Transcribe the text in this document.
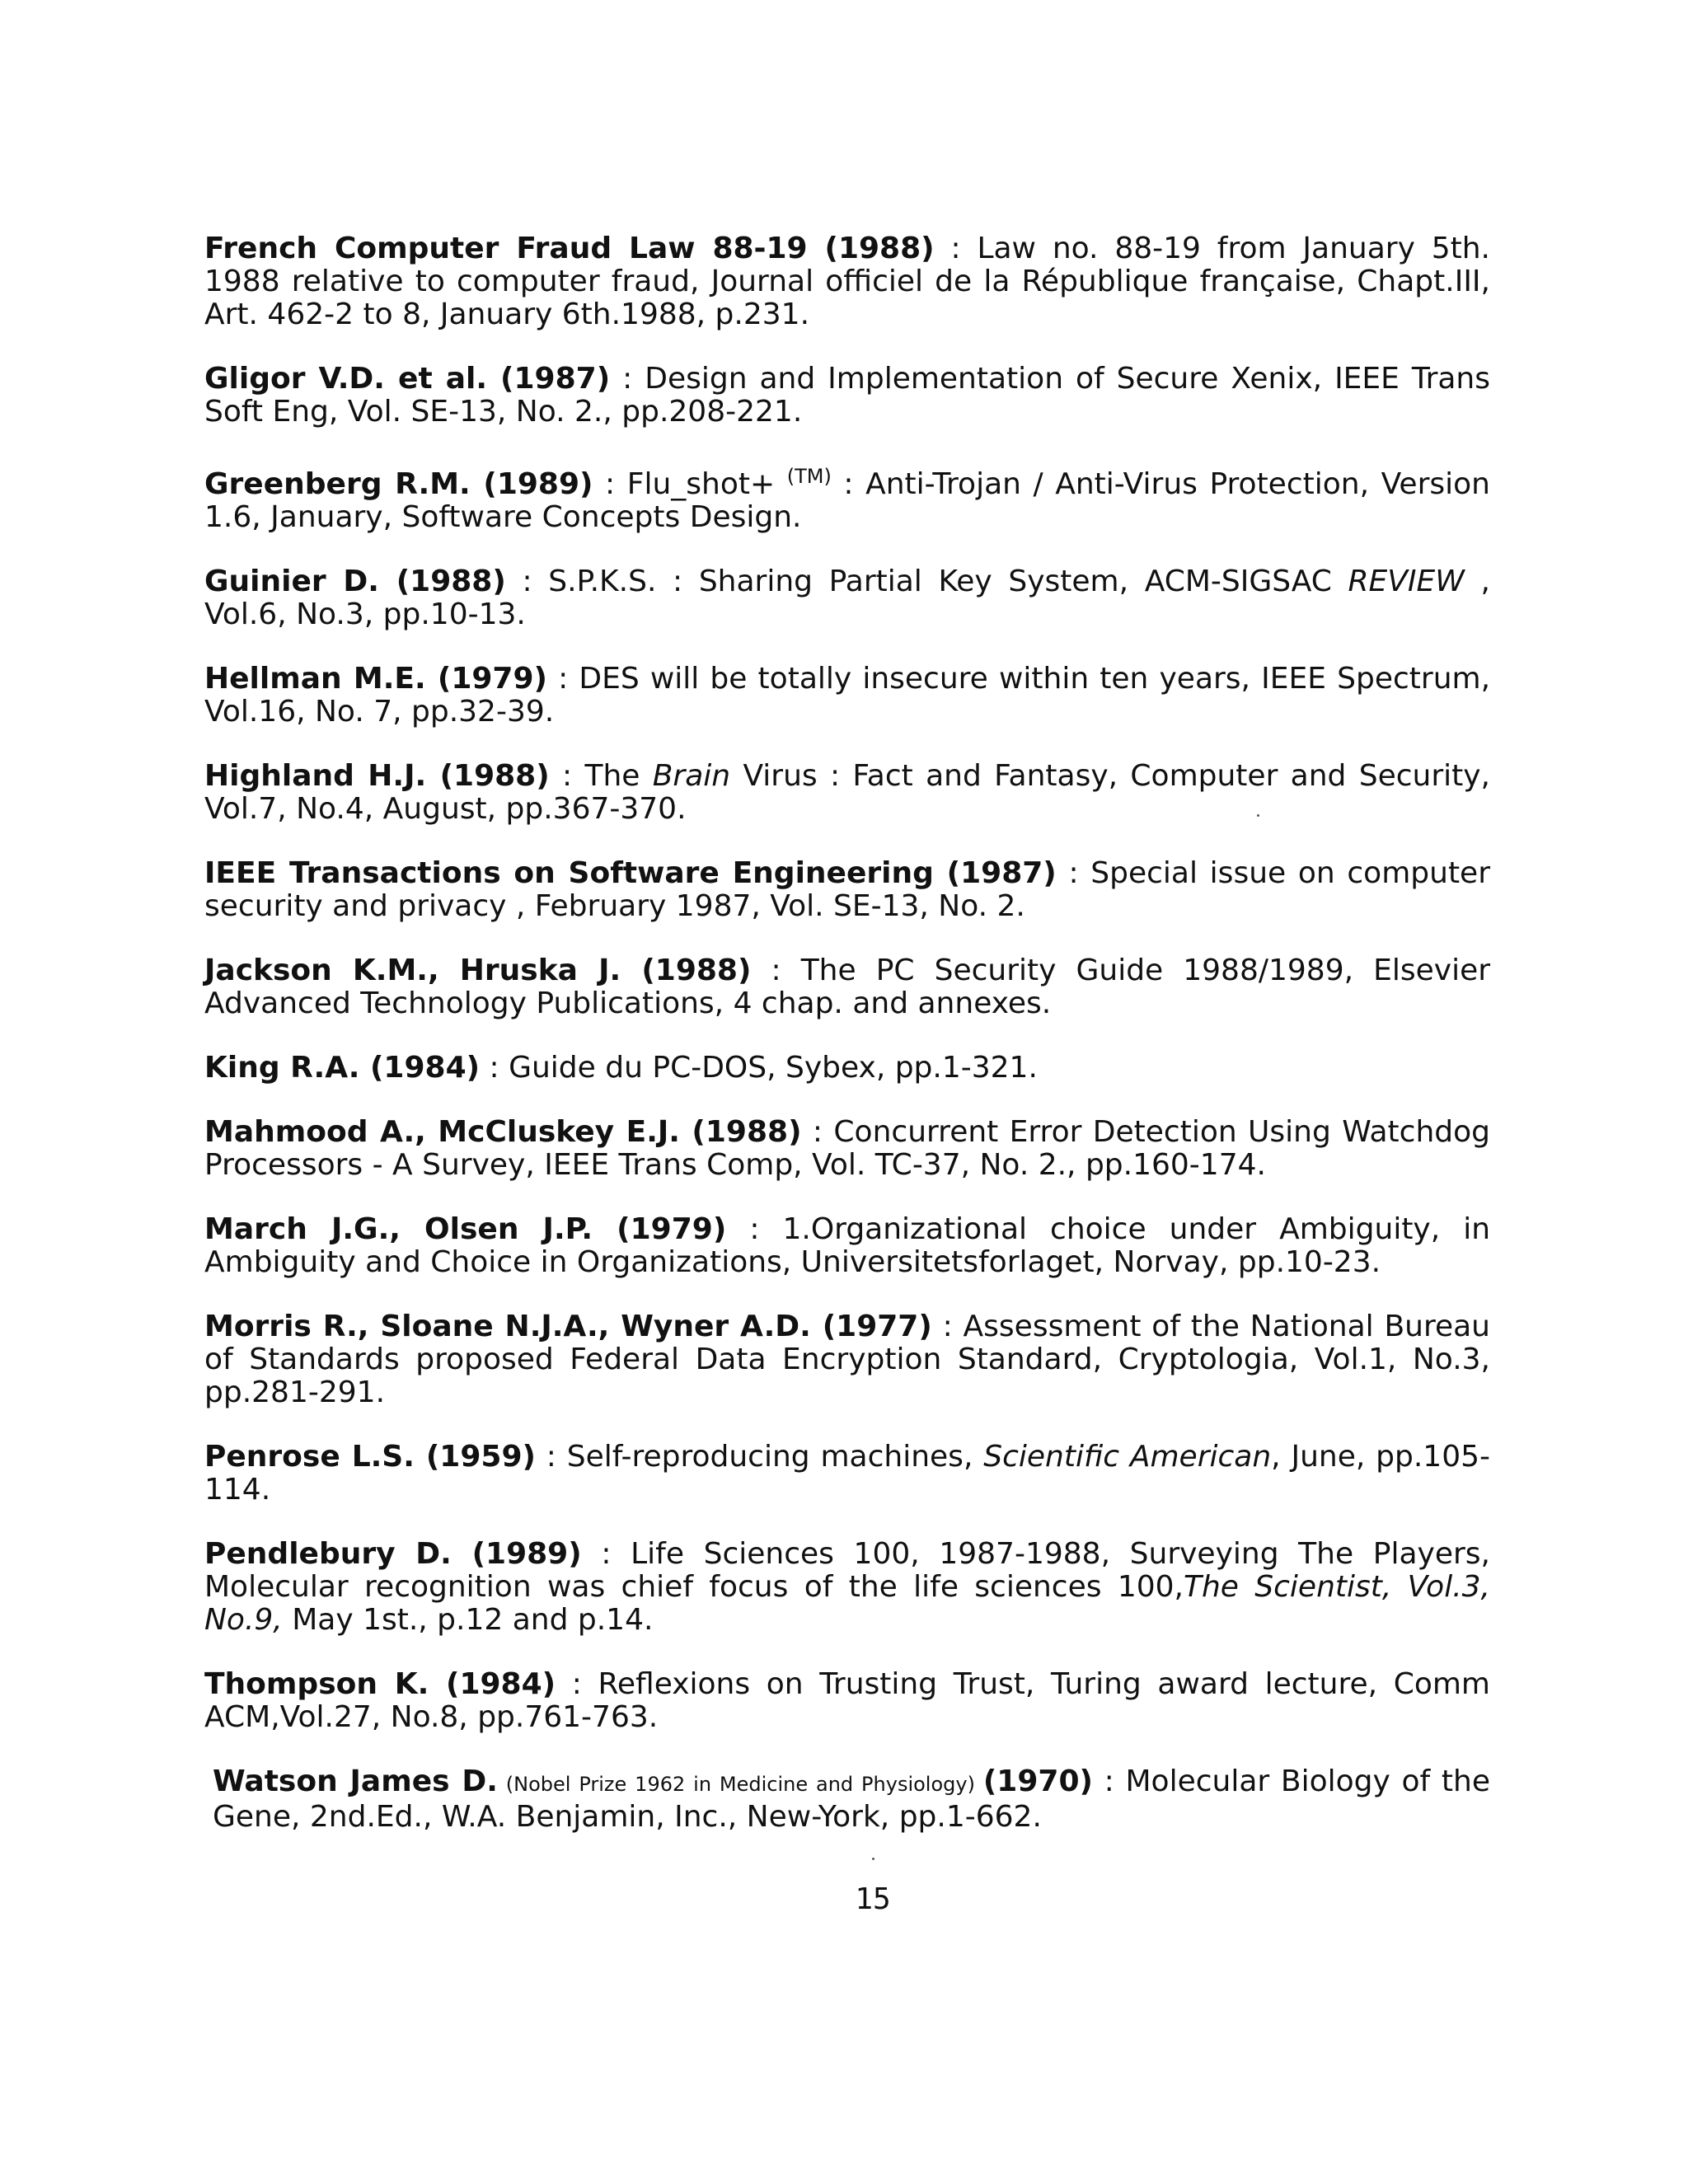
French Computer Fraud Law 88-19 (1988) : Law no. 88-19 from January 5th. 1988 relative to computer fraud, Journal officiel de la République française, Chapt.III, Art. 462-2 to 8, January 6th.1988, p.231.

Gligor V.D. et al. (1987) : Design and Implementation of Secure Xenix, IEEE Trans Soft Eng, Vol. SE-13, No. 2., pp.208-221.

Greenberg R.M. (1989) : Flu_shot+ $^{(TM)}$ : Anti-Trojan / Anti-Virus Protection, Version 1.6, January, Software Concepts Design.

Guinier D. (1988) : S.P.K.S. : Sharing Partial Key System, ACM-SIGSAC REVIEW , Vol.6, No.3, pp.10-13.

Hellman M.E. (1979) : DES will be totally insecure within ten years, IEEE Spectrum, Vol.16, No. 7, pp.32-39.

Highland H.J. (1988) : The Brain Virus : Fact and Fantasy, Computer and Security, Vol.7, No.4, August, pp.367-370.

IEEE Transactions on Software Engineering (1987) : Special issue on computer security and privacy , February 1987, Vol. SE-13, No. 2.

Jackson K.M., Hruska J. (1988) : The PC Security Guide 1988/1989, Elsevier Advanced Technology Publications, 4 chap. and annexes.

King R.A. (1984) : Guide du PC-DOS, Sybex, pp.1-321.

Mahmood A., McCluskey E.J. (1988) : Concurrent Error Detection Using Watchdog Processors - A Survey, IEEE Trans Comp, Vol. TC-37, No. 2., pp.160-174.

March J.G., Olsen J.P. (1979) : 1.Organizational choice under Ambiguity, in Ambiguity and Choice in Organizations, Universitetsforlaget, Norvay, pp.10-23.

Morris R., Sloane N.J.A., Wyner A.D. (1977) : Assessment of the National Bureau of Standards proposed Federal Data Encryption Standard, Cryptologia, Vol.1, No.3, pp.281-291.

Penrose L.S. (1959) : Self-reproducing machines, Scientific American, June, pp.105-114.

Pendlebury D. (1989) : Life Sciences 100, 1987-1988, Surveying The Players, Molecular recognition was chief focus of the life sciences 100,The Scientist, Vol.3, No.9, May 1st., p.12 and p.14.

Thompson K. (1984) : Reflexions on Trusting Trust, Turing award lecture, Comm ACM,Vol.27, No.8, pp.761-763.

Watson James D. (Nobel Prize 1962 in Medicine and Physiology) (1970) : Molecular Biology of the Gene, 2nd.Ed., W.A. Benjamin, Inc., New-York, pp.1-662.

15
